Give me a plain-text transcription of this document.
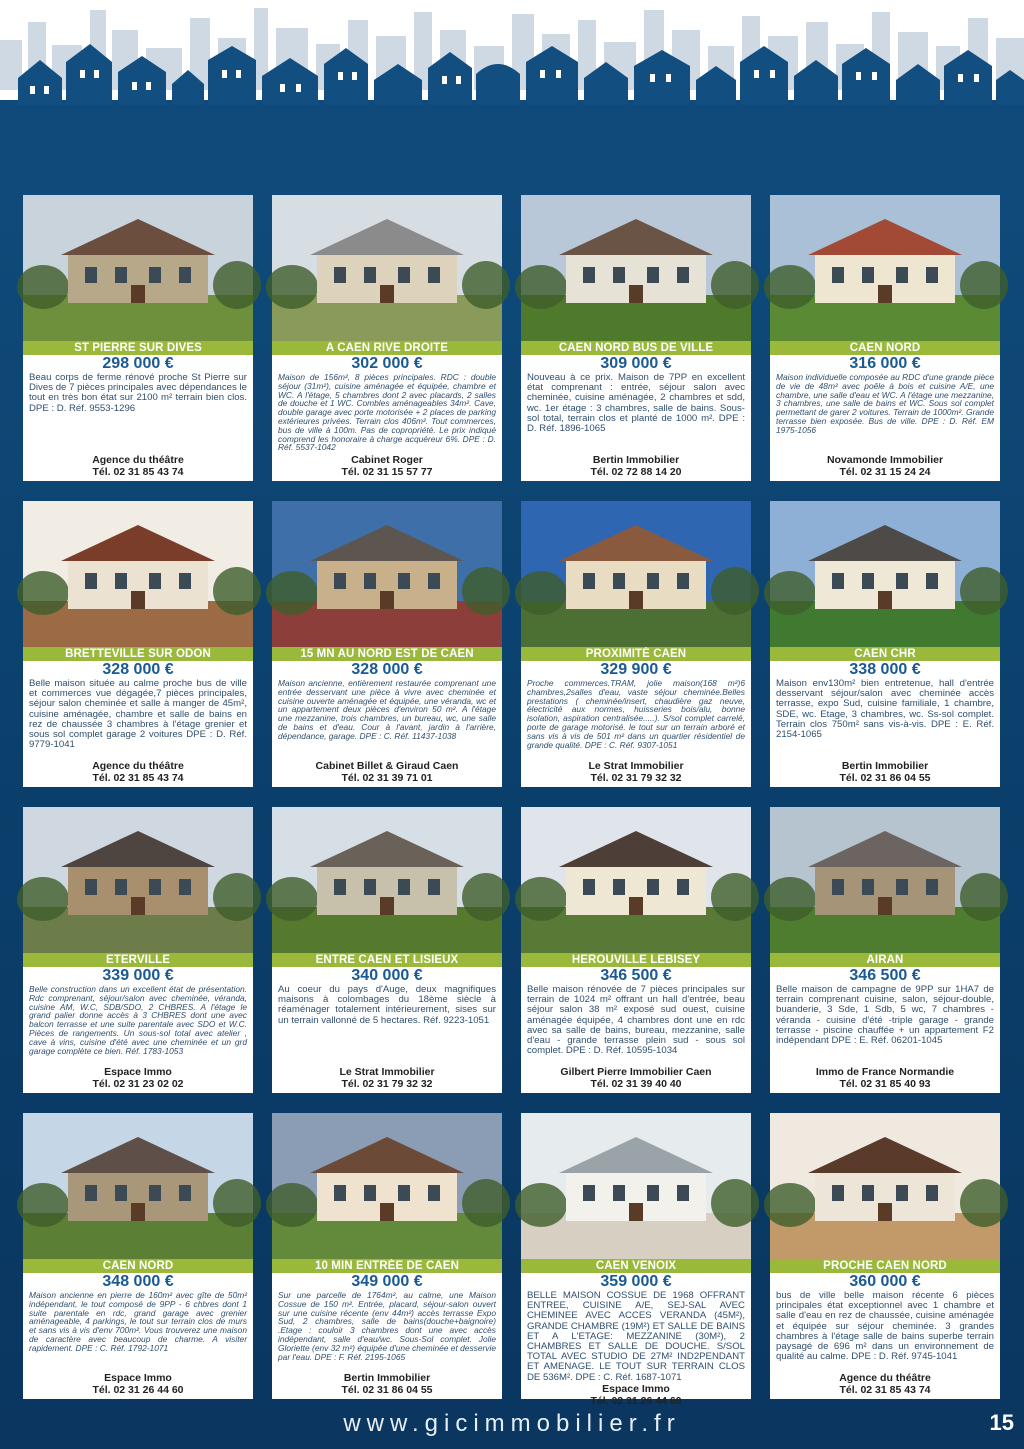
ST PIERRE SUR DIVES
298 000 €
Beau corps de ferme rénové proche St Pierre sur Dives de 7 pièces principales avec dépendances le tout en très bon état sur 2100 m² terrain bien clos. DPE : D. Réf. 9553-1296
Agence du théâtre
Tél. 02 31 85 43 74
A CAEN RIVE DROITE
302 000 €
Maison de 156m², 8 pièces principales. RDC : double séjour (31m²), cuisine aménagée et équipée, chambre et WC. A l'étage, 5 chambres dont 2 avec placards, 2 salles de douche et 1 WC. Combles aménageables 34m². Cave, double garage avec porte motorisée + 2 places de parking extérieures privées. Terrain clos 406m². Tout commerces, bus de ville à 100m. Pas de copropriété. Le prix indiqué comprend les honoraire à charge acquéreur 6%. DPE : D. Réf. 5537-1042
Cabinet Roger
Tél. 02 31 15 57 77
CAEN NORD BUS DE VILLE
309 000 €
Nouveau à ce prix. Maison de 7PP en excellent état comprenant : entrée, séjour salon avec cheminée, cuisine aménagée, 2 chambres et sdd, wc. 1er étage : 3 chambres, salle de bains. Sous-sol total, terrain clos et planté de 1000 m². DPE : D. Réf. 1896-1065
Bertin Immobilier
Tél. 02 72 88 14 20
CAEN NORD
316 000 €
Maison individuelle composée au RDC d'une grande pièce de vie de 48m² avec poêle à bois et cuisine A/E, une chambre, une salle d'eau et WC. A l'étage une mezzanine, 3 chambres, une salle de bains et WC. Sous sol complet permettant de garer 2 voitures. Terrain de 1000m². Grande terrasse bien exposée. Bus de ville. DPE : D. Réf. EM 1975-1056
Novamonde Immobilier
Tél. 02 31 15 24 24
BRETTEVILLE SUR ODON
328 000 €
Belle maison située au calme proche bus de ville et commerces vue dégagée,7 pièces principales, séjour salon cheminée et salle à manger de 45m², cuisine aménagée, chambre et salle de bains en rez de chaussée 3 chambres à l'étage grenier et sous sol complet garage 2 voitures DPE : D. Réf. 9779-1041
Agence du théâtre
Tél. 02 31 85 43 74
15 MN AU NORD EST DE CAEN
328 000 €
Maison ancienne, entièrement restaurée comprenant une entrée desservant une pièce à vivre avec cheminée et cuisine ouverte aménagée et équipée, une véranda, wc et un appartement deux pièces d'environ 50 m². A l'étage une mezzanine, trois chambres, un bureau, wc, une salle de bains et d'eau. Cour à l'avant, jardin à l'arrière, dépendance, garage. DPE : C. Réf. 11437-1038
Cabinet Billet & Giraud Caen
Tél. 02 31 39 71 01
PROXIMITÉ CAEN
329 900 €
Proche commerces.TRAM, jolie maison(168 m²)6 chambres,2salles d'eau, vaste séjour cheminée.Belles prestations ( cheminée/insert, chaudière gaz neuve, électricité aux normes, huisseries bois/alu, bonne isolation, aspiration centralisée.....). S/sol complet carrelé, porte de garage motorisé. le tout sur un terrain arboré et sans vis à vis de 501 m² dans un quartier résidentiel de grande qualité. DPE : C. Réf. 9307-1051
Le Strat Immobilier
Tél. 02 31 79 32 32
CAEN CHR
338 000 €
Maison env130m² bien entretenue, hall d'entrée desservant séjour/salon avec cheminée accès terrasse, expo Sud, cuisine familiale, 1 chambre, SDE, wc. Etage, 3 chambres, wc. Ss-sol complet. Terrain clos 750m² sans vis-à-vis. DPE : E. Réf. 2154-1065
Bertin Immobilier
Tél. 02 31 86 04 55
ETERVILLE
339 000 €
Belle construction dans un excellent état de présentation. Rdc comprenant, séjour/salon avec cheminée, véranda, cuisine AM, W.C, SDB/SDO, 2 CHBRES. A l'étage le grand palier donne accès à 3 CHBRES dont une avec balcon terrasse et une suite parentale avec SDO et W.C. Pièces de rangements. Un sous-sol total avec atelier , cave à vins, cuisine d'été avec une cheminée et un grd garage complète ce bien. Réf. 1783-1053
Espace Immo
Tél. 02 31 23 02 02
ENTRE CAEN ET LISIEUX
340 000 €
Au coeur du pays d'Auge, deux magnifiques maisons à colombages du 18ème siècle à réaménager totalement intérieurement, sises sur un terrain vallonné de 5 hectares. Réf. 9223-1051
Le Strat Immobilier
Tél. 02 31 79 32 32
HEROUVILLE LEBISEY
346 500 €
Belle maison rénovée de 7 pièces principales sur terrain de 1024 m² offrant un hall d'entrée, beau séjour salon 38 m² exposé sud ouest, cuisine aménagée équipée, 4 chambres dont une en rdc avec sa salle de bains, bureau, mezzanine, salle d'eau - grande terrasse plein sud - sous sol complet. DPE : D. Réf. 10595-1034
Gilbert Pierre Immobilier Caen
Tél. 02 31 39 40 40
AIRAN
346 500 €
Belle maison de campagne de 9PP sur 1HA7 de terrain comprenant cuisine, salon, séjour-double, buanderie, 3 Sde, 1 Sdb, 5 wc, 7 chambres - véranda - cuisine d'été -triple garage - grande terrasse - piscine chauffée + un appartement F2 indépendant DPE : E. Réf. 06201-1045
Immo de France Normandie
Tél. 02 31 85 40 93
CAEN NORD
348 000 €
Maison ancienne en pierre de 160m² avec gîte de 50m² indépendant, le tout composé de 9PP - 6 chbres dont 1 suite parentale en rdc, grand garage avec grenier aménageable, 4 parkings, le tout sur terrain clos de murs et sans vis à vis d'env 700m². Vous trouverez une maison de caractère avec beaucoup de charme. A visiter rapidement. DPE : C. Réf. 1792-1071
Espace Immo
Tél. 02 31 26 44 60
10 MIN ENTRÉE DE CAEN
349 000 €
Sur une parcelle de 1764m², au calme, une Maison Cossue de 150 m². Entrée, placard, séjour-salon ouvert sur une cuisine récente (env 44m²) accès terrasse Expo Sud, 2 chambres, salle de bains(douche+baignoire) .Etage : couloir 3 chambres dont une avec accès indépendant, salle d'eau/wc. Sous-Sol complet. Jolie Gloriette (env 32 m²) équipée d'une cheminée et desservie par l'eau. DPE : F. Réf. 2195-1065
Bertin Immobilier
Tél. 02 31 86 04 55
CAEN VENOIX
359 000 €
BELLE MAISON COSSUE DE 1968 OFFRANT ENTREE, CUISINE A/E, SEJ-SAL AVEC CHEMINEE AVEC ACCES VERANDA (45M²), GRANDE CHAMBRE (19M²) ET SALLE DE BAINS ET A L'ETAGE: MEZZANINE (30M²), 2 CHAMBRES ET SALLE DE DOUCHE. S/SOL TOTAL AVEC STUDIO DE 27M² IND2PENDANT ET AMENAGE. LE TOUT SUR TERRAIN CLOS DE 536M². DPE : C. Réf. 1687-1071
Espace Immo
Tél. 02 31 26 44 60
PROCHE CAEN NORD
360 000 €
bus de ville belle maison récente 6 pièces principales état exceptionnel avec 1 chambre et salle d'eau en rez de chaussée, cuisine aménagée et équipée sur séjour cheminée. 3 grandes chambres à l'étage salle de bains superbe terrain paysagé de 696 m² dans un environnement de qualité au calme. DPE : D. Réf. 9745-1041
Agence du théâtre
Tél. 02 31 85 43 74
www.gicimmobilier.fr	15
